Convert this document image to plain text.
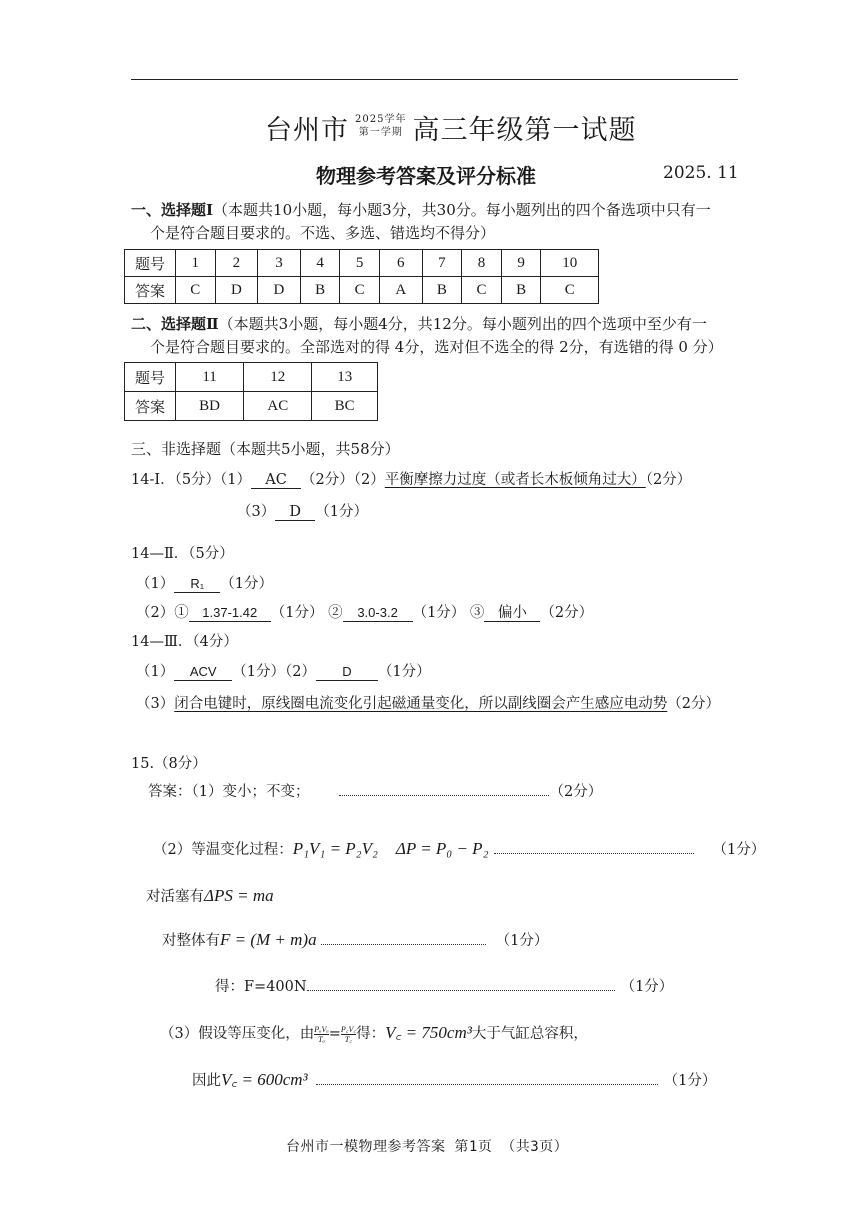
台州市 2025学年
第一学期 高三年级第一试题
物理参考答案及评分标准	2025. 11
一、选择题Ⅰ（本题共10小题，每小题3分，共30分。每小题列出的四个备选项中只有一
个是符合题目要求的。不选、多选、错选均不得分）
题号	1	2	3	4	5	6	7	8	9	10
答案	C	D	D	B	C	A	B	C	B	C
二、选择题Ⅱ（本题共3小题，每小题4分，共12分。每小题列出的四个选项中至少有一
个是符合题目要求的。全部选对的得 4分，选对但不选全的得 2分，有选错的得 0 分）
题号	11	12	13
答案	BD	AC	BC
三、非选择题（本题共5小题，共58分）
14-Ⅰ．（5分）（1） AC （2分）（2）平衡摩擦力过度（或者长木板倾角过大）（2分）
（3） D （1分）
14—Ⅱ．（5分）
（1） R₁ （1分）
（2）① 1.37-1.42 （1分） ② 3.0-3.2 （1分） ③ 偏小 （2分）
14—Ⅲ．（4分）
（1） ACV （1分）（2） D （1分）
（3）闭合电键时，原线圈电流变化引起磁通量变化，所以副线圈会产生感应电动势（2分）
15.（8分）
答案：（1）变小；不变；	（2分）
（2）等温变化过程：P₁V₁ = P₂V₂ ΔP = P₀ − P₂	（1分）
对活塞有ΔPS = ma
对整体有F = (M + m)a	（1分）
得：F=400N	（1分）
（3）假设等压变化，由 $\frac{\text{PₐVₐ}}{\text{Tₐ}} = \frac{P꜀V꜀}{T꜀}$ 得：V꜀ = 750cm³大于气缸总容积，
因此V꜀ = 600cm³	（1分）
台州市一模物理参考答案 第1页 （共3页）
